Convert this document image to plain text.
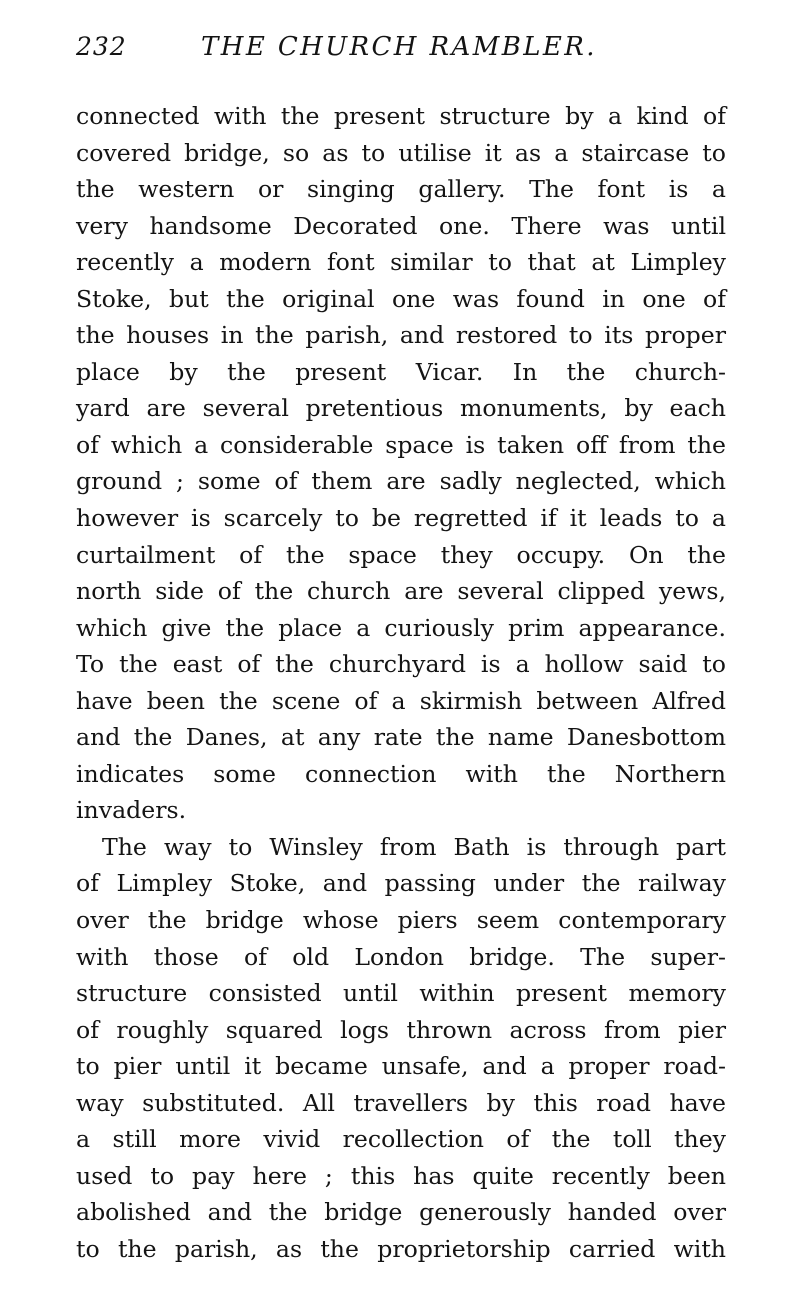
232	THE CHURCH RAMBLER.
connected with the present structure by a kind of
covered bridge, so as to utilise it as a staircase to
the western or singing gallery. The font is a
very handsome Decorated one. There was until
recently a modern font similar to that at Limpley
Stoke, but the original one was found in one of
the houses in the parish, and restored to its proper
place by the present Vicar. In the church-
yard are several pretentious monuments, by each
of which a considerable space is taken off from the
ground ; some of them are sadly neglected, which
however is scarcely to be regretted if it leads to a
curtailment of the space they occupy. On the
north side of the church are several clipped yews,
which give the place a curiously prim appearance.
To the east of the churchyard is a hollow said to
have been the scene of a skirmish between Alfred
and the Danes, at any rate the name Danesbottom
indicates some connection with the Northern
invaders.
The way to Winsley from Bath is through part
of Limpley Stoke, and passing under the railway
over the bridge whose piers seem contemporary
with those of old London bridge. The super-
structure consisted until within present memory
of roughly squared logs thrown across from pier
to pier until it became unsafe, and a proper road-
way substituted. All travellers by this road have
a still more vivid recollection of the toll they
used to pay here ; this has quite recently been
abolished and the bridge generously handed over
to the parish, as the proprietorship carried with
